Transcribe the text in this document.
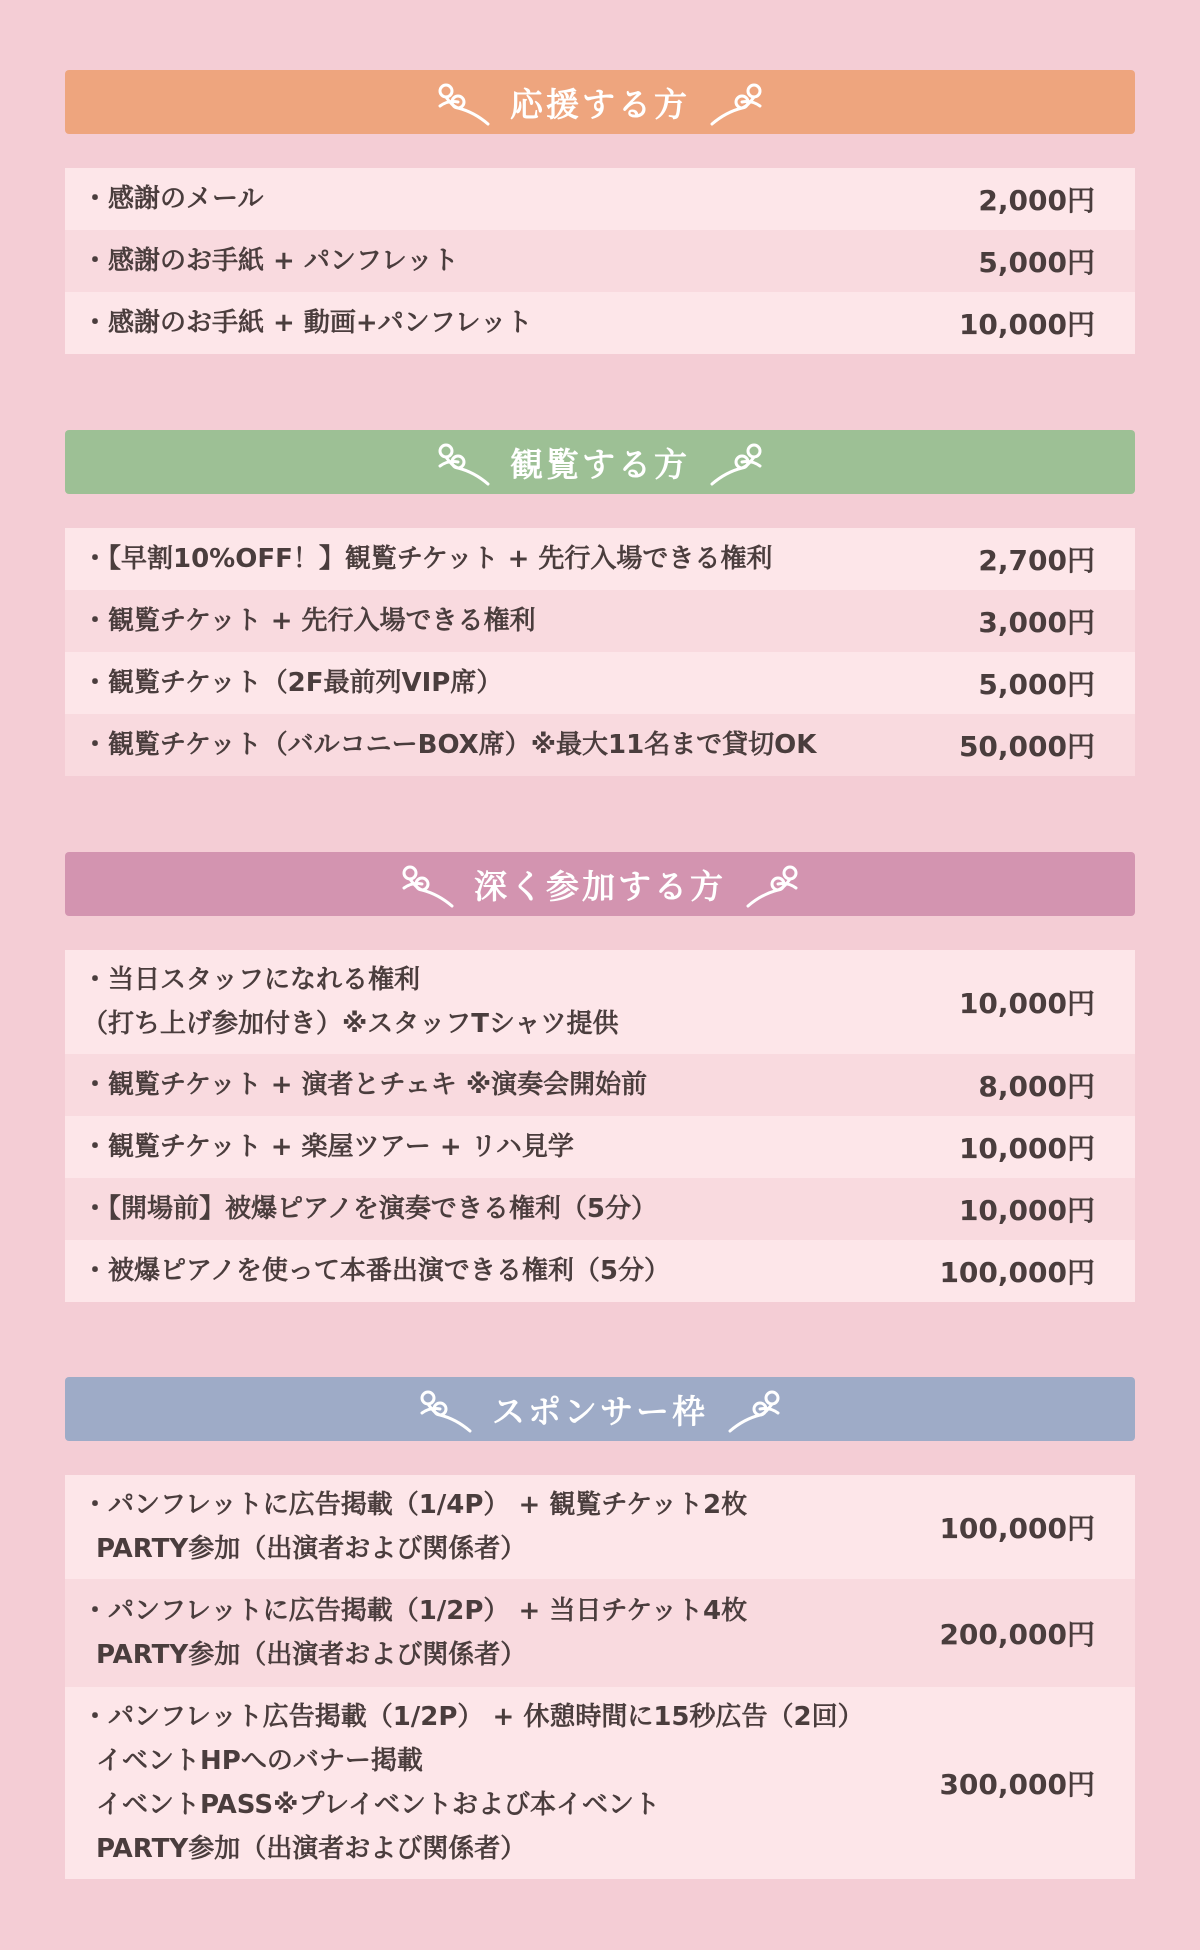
応援する方
・感謝のメール	2,000円
・感謝のお手紙 + パンフレット	5,000円
・感謝のお手紙 + 動画+パンフレット	10,000円
観覧する方
・【早割10%OFF！】観覧チケット + 先行入場できる権利	2,700円
・観覧チケット + 先行入場できる権利	3,000円
・観覧チケット（2F最前列VIP席）	5,000円
・観覧チケット（バルコニーBOX席）※最大11名まで貸切OK	50,000円
深く参加する方
・当日スタッフになれる権利
（打ち上げ参加付き）※スタッフTシャツ提供
10,000円
・観覧チケット + 演者とチェキ ※演奏会開始前	8,000円
・観覧チケット + 楽屋ツアー + リハ見学	10,000円
・【開場前】被爆ピアノを演奏できる権利（5分）	10,000円
・被爆ピアノを使って本番出演できる権利（5分）	100,000円
スポンサー枠
・パンフレットに広告掲載（1/4P） + 観覧チケット2枚
PARTY参加（出演者および関係者）
100,000円
・パンフレットに広告掲載（1/2P） + 当日チケット4枚
PARTY参加（出演者および関係者）
200,000円
・パンフレット広告掲載（1/2P） + 休憩時間に15秒広告（2回）
イベントHPへのバナー掲載
イベントPASS※プレイベントおよび本イベント
PARTY参加（出演者および関係者）
300,000円
